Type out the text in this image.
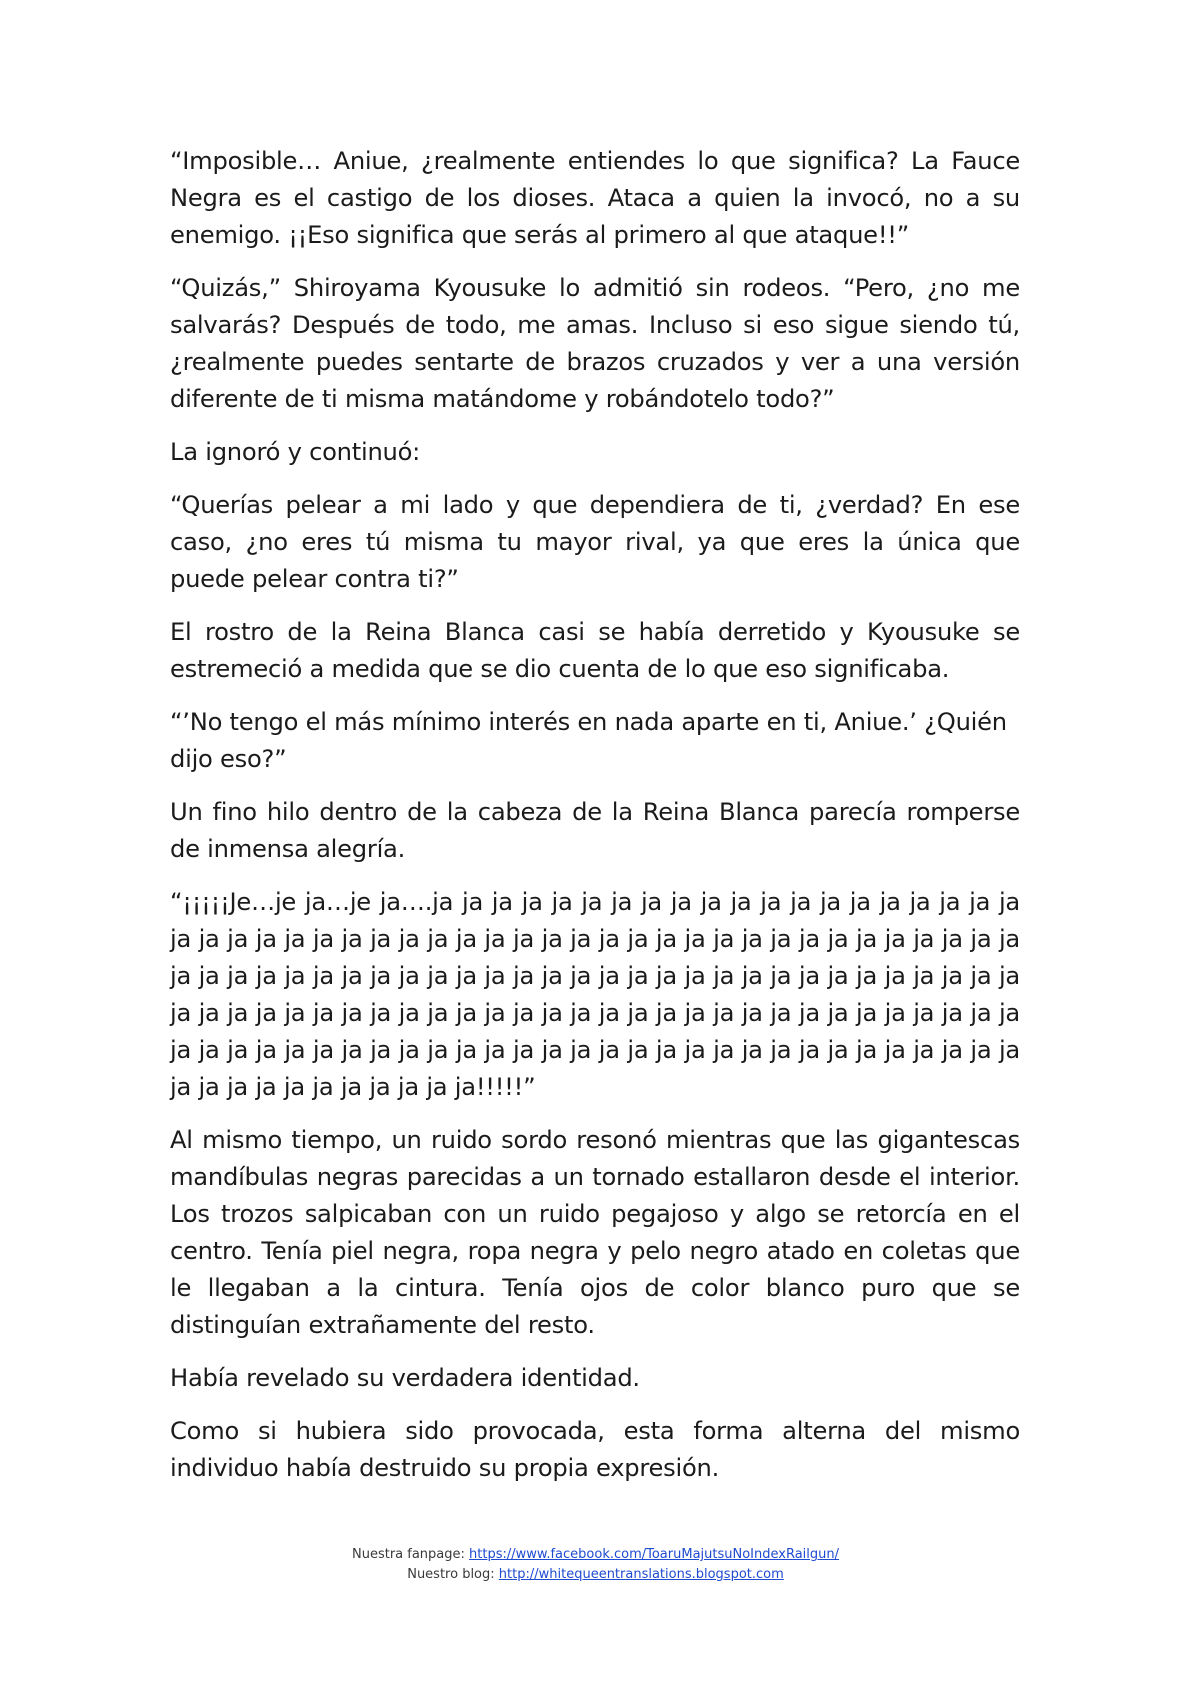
“Imposible… Aniue, ¿realmente entiendes lo que significa? La Fauce Negra es el castigo de los dioses. Ataca a quien la invocó, no a su enemigo. ¡¡Eso significa que serás al primero al que ataque!!”

“Quizás,” Shiroyama Kyousuke lo admitió sin rodeos. “Pero, ¿no me salvarás? Después de todo, me amas. Incluso si eso sigue siendo tú, ¿realmente puedes sentarte de brazos cruzados y ver a una versión diferente de ti misma matándome y robándotelo todo?”

La ignoró y continuó:

“Querías pelear a mi lado y que dependiera de ti, ¿verdad? En ese caso, ¿no eres tú misma tu mayor rival, ya que eres la única que puede pelear contra ti?”

El rostro de la Reina Blanca casi se había derretido y Kyousuke se estremeció a medida que se dio cuenta de lo que eso significaba.

“’No tengo el más mínimo interés en nada aparte en ti, Aniue.’ ¿Quién dijo eso?”

Un fino hilo dentro de la cabeza de la Reina Blanca parecía romperse de inmensa alegría.

“¡¡¡¡¡Je…je ja…je ja….ja ja ja ja ja ja ja ja ja ja ja ja ja ja ja ja ja ja ja ja ja ja ja ja ja ja ja ja ja ja ja ja ja ja ja ja ja ja ja ja ja ja ja ja ja ja ja ja ja ja ja ja ja ja ja ja ja ja ja ja ja ja ja ja ja ja ja ja ja ja ja ja ja ja ja ja ja ja ja ja ja ja ja ja ja ja ja ja ja ja ja ja ja ja ja ja ja ja ja ja ja ja ja ja ja ja ja ja ja ja ja ja ja ja ja ja ja ja ja ja ja ja ja ja ja ja ja ja ja ja ja ja ja ja ja ja ja ja ja ja ja ja ja ja ja ja ja ja ja ja ja!!!!!”

Al mismo tiempo, un ruido sordo resonó mientras que las gigantescas mandíbulas negras parecidas a un tornado estallaron desde el interior. Los trozos salpicaban con un ruido pegajoso y algo se retorcía en el centro. Tenía piel negra, ropa negra y pelo negro atado en coletas que le llegaban a la cintura. Tenía ojos de color blanco puro que se distinguían extrañamente del resto.

Había revelado su verdadera identidad.

Como si hubiera sido provocada, esta forma alterna del mismo individuo había destruido su propia expresión.

Nuestra fanpage: https://www.facebook.com/ToaruMajutsuNoIndexRailgun/
Nuestro blog: http://whitequeentranslations.blogspot.com
